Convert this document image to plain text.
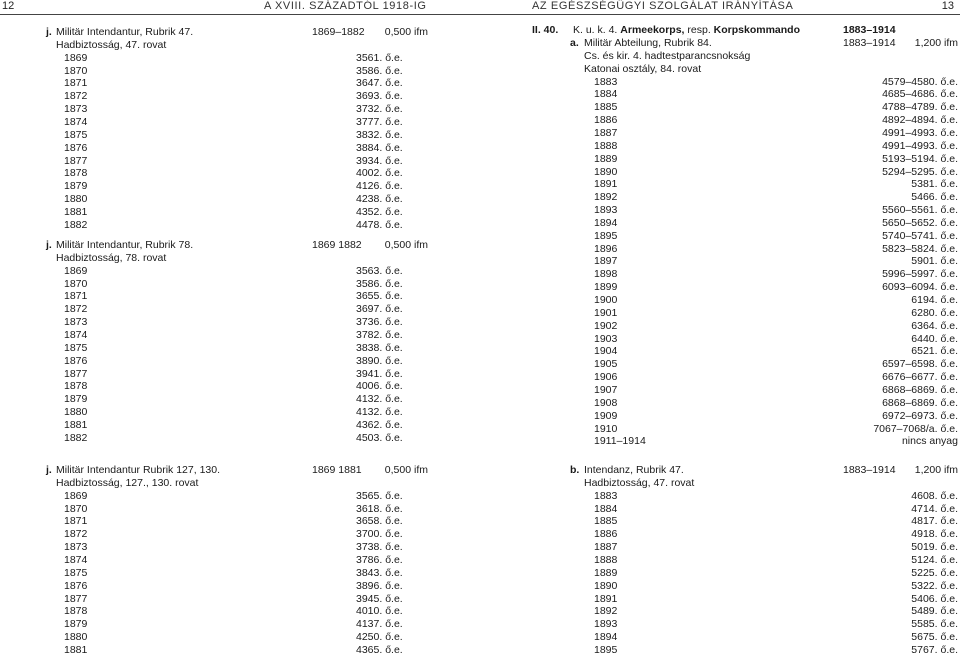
12	A XVIII. SZÁZADTÓL 1918-IG
j. Militär Intendantur, Rubrik 47.	1869–1882	0,500 ifm
Hadbiztosság, 47. rovat
1869	3561. ő.e.
1870	3586. ő.e.
1871	3647. ő.e.
1872	3693. ő.e.
1873	3732. ő.e.
1874	3777. ő.e.
1875	3832. ő.e.
1876	3884. ő.e.
1877	3934. ő.e.
1878	4002. ő.e.
1879	4126. ő.e.
1880	4238. ő.e.
1881	4352. ő.e.
1882	4478. ő.e.
j. Militär Intendantur, Rubrik 78.	1869 1882	0,500 ifm
Hadbiztosság, 78. rovat
1869	3563. ő.e.
1870	3586. ő.e.
1871	3655. ő.e.
1872	3697. ő.e.
1873	3736. ő.e.
1874	3782. ő.e.
1875	3838. ő.e.
1876	3890. ő.e.
1877	3941. ő.e.
1878	4006. ő.e.
1879	4132. ő.e.
1880	4132. ő.e.
1881	4362. ő.e.
1882	4503. ő.e.
j. Militär Intendantur Rubrik 127, 130.	1869 1881	0,500 ifm
Hadbiztosság, 127., 130. rovat
1869	3565. ő.e.
1870	3618. ő.e.
1871	3658. ő.e.
1872	3700. ő.e.
1873	3738. ő.e.
1874	3786. ő.e.
1875	3843. ő.e.
1876	3896. ő.e.
1877	3945. ő.e.
1878	4010. ő.e.
1879	4137. ő.e.
1880	4250. ő.e.
1881	4365. ő.e.
AZ EGÉSZSÉGÜGYI SZOLGÁLAT IRÁNYÍTÁSA	13
II. 40. K. u. k. 4. Armeekorps, resp. Korpskommando	1883–1914
a. Militär Abteilung, Rubrik 84.	1883–1914	1,200 ifm
Cs. és kir. 4. hadtestparancsnokság
Katonai osztály, 84. rovat
1883	4579–4580. ő.e.
1884	4685–4686. ő.e.
1885	4788–4789. ő.e.
1886	4892–4894. ő.e.
1887	4991–4993. ő.e.
1888	4991–4993. ő.e.
1889	5193–5194. ő.e.
1890	5294–5295. ő.e.
1891	5381. ő.e.
1892	5466. ő.e.
1893	5560–5561. ő.e.
1894	5650–5652. ő.e.
1895	5740–5741. ő.e.
1896	5823–5824. ő.e.
1897	5901. ő.e.
1898	5996–5997. ő.e.
1899	6093–6094. ő.e.
1900	6194. ő.e.
1901	6280. ő.e.
1902	6364. ő.e.
1903	6440. ő.e.
1904	6521. ő.e.
1905	6597–6598. ő.e.
1906	6676–6677. ő.e.
1907	6868–6869. ő.e.
1908	6868–6869. ő.e.
1909	6972–6973. ő.e.
1910	7067–7068/a. ő.e.
1911–1914	nincs anyag
b. Intendanz, Rubrik 47.	1883–1914	1,200 ifm
Hadbiztosság, 47. rovat
1883	4608. ő.e.
1884	4714. ő.e.
1885	4817. ő.e.
1886	4918. ő.e.
1887	5019. ő.e.
1888	5124. ő.e.
1889	5225. ő.e.
1890	5322. ő.e.
1891	5406. ő.e.
1892	5489. ő.e.
1893	5585. ő.e.
1894	5675. ő.e.
1895	5767. ő.e.
